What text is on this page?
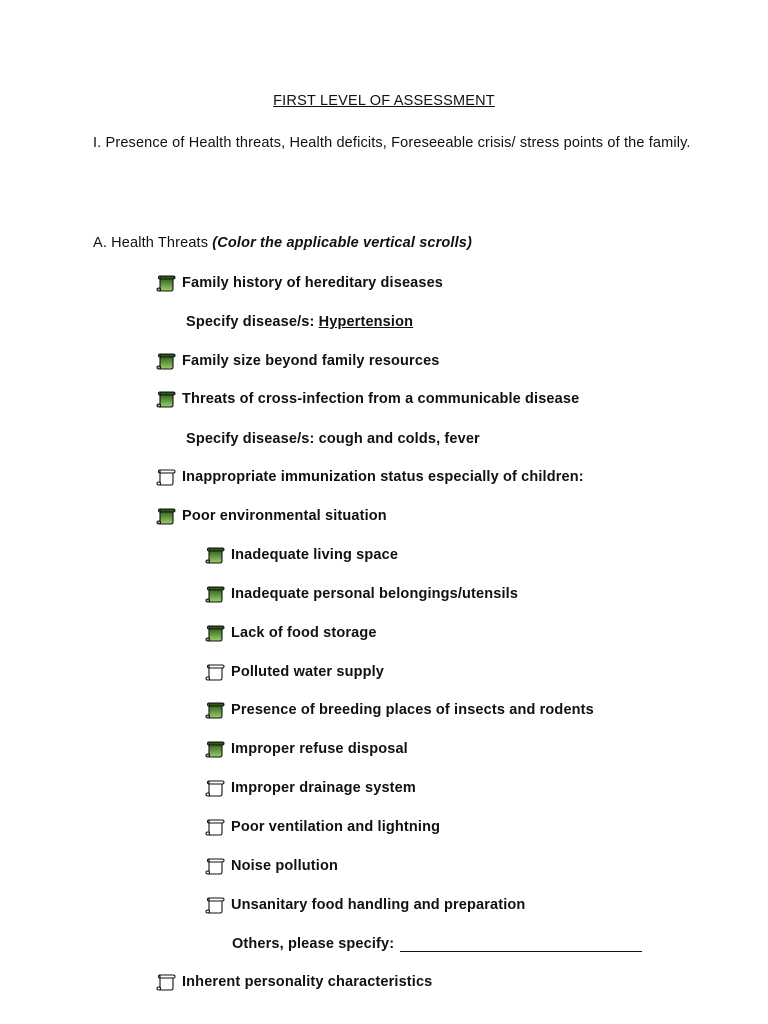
FIRST LEVEL OF ASSESSMENT
I. Presence of Health threats, Health deficits, Foreseeable crisis/ stress points of the family.
A. Health Threats (Color the applicable vertical scrolls)
Family history of hereditary diseases
Specify disease/s:
Hypertension
Family size beyond family resources
Threats of cross-infection from a communicable disease
Specify disease/s: cough and colds, fever
Inappropriate immunization status especially of children:
Poor environmental situation
Inadequate living space
Inadequate personal belongings/utensils
Lack of food storage
Polluted water supply
Presence of breeding places of insects and rodents
Improper refuse disposal
Improper drainage system
Poor ventilation and lightning
Noise pollution
Unsanitary food handling and preparation
Others, please specify:
Inherent personality characteristics
